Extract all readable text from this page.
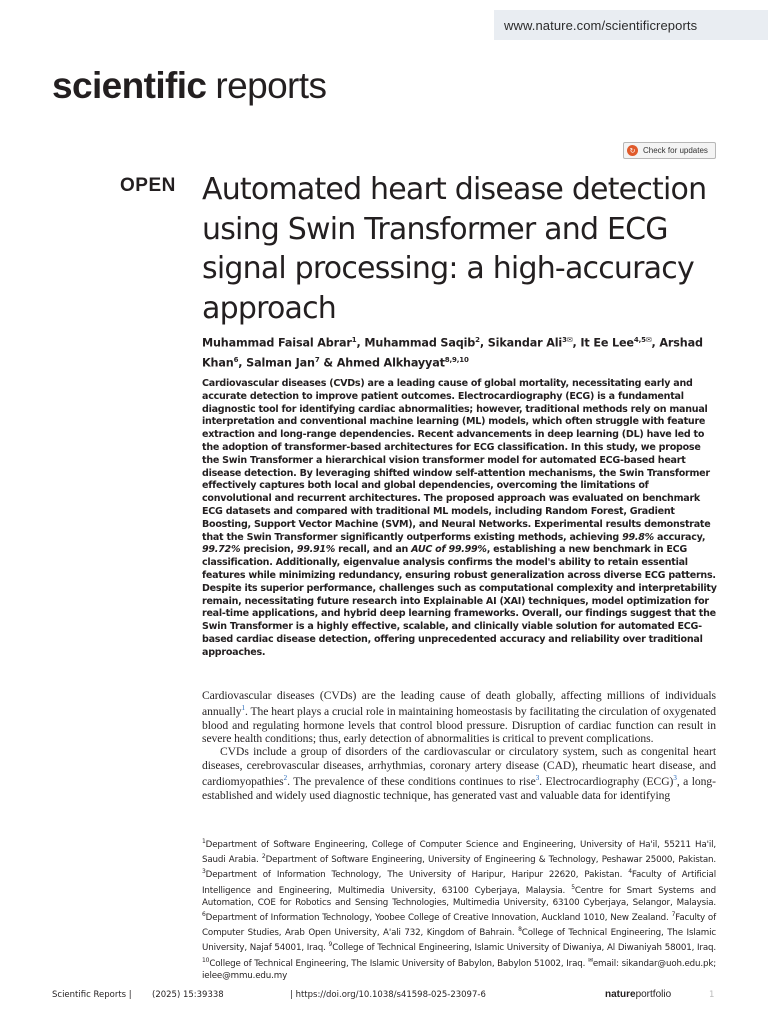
www.nature.com/scientificreports
scientific reports
↻ Check for updates
OPEN Automated heart disease detection using Swin Transformer and ECG signal processing: a high-accuracy approach
Muhammad Faisal Abrar$^1$, Muhammad Saqib$^2$, Sikandar Ali$^{3✉}$, It Ee Lee$^{4,5✉}$, Arshad Khan$^6$, Salman Jan$^7$ & Ahmed Alkhayyat$^{8,9,10}$

Cardiovascular diseases (CVDs) are a leading cause of global mortality, necessitating early and accurate detection to improve patient outcomes. Electrocardiography (ECG) is a fundamental diagnostic tool for identifying cardiac abnormalities; however, traditional methods rely on manual interpretation and conventional machine learning (ML) models, which often struggle with feature extraction and long-range dependencies. Recent advancements in deep learning (DL) have led to the adoption of transformer-based architectures for ECG classification. In this study, we propose the Swin Transformer a hierarchical vision transformer model for automated ECG-based heart disease detection. By leveraging shifted window self-attention mechanisms, the Swin Transformer effectively captures both local and global dependencies, overcoming the limitations of convolutional and recurrent architectures. The proposed approach was evaluated on benchmark ECG datasets and compared with traditional ML models, including Random Forest, Gradient Boosting, Support Vector Machine (SVM), and Neural Networks. Experimental results demonstrate that the Swin Transformer significantly outperforms existing methods, achieving 99.8% accuracy, 99.72% precision, 99.91% recall, and an AUC of 99.99%, establishing a new benchmark in ECG classification. Additionally, eigenvalue analysis confirms the model's ability to retain essential features while minimizing redundancy, ensuring robust generalization across diverse ECG patterns. Despite its superior performance, challenges such as computational complexity and interpretability remain, necessitating future research into Explainable AI (XAI) techniques, model optimization for real-time applications, and hybrid deep learning frameworks. Overall, our findings suggest that the Swin Transformer is a highly effective, scalable, and clinically viable solution for automated ECG-based cardiac disease detection, offering unprecedented accuracy and reliability over traditional approaches.

Cardiovascular diseases (CVDs) are the leading cause of death globally, affecting millions of individuals annually$^1$. The heart plays a crucial role in maintaining homeostasis by facilitating the circulation of oxygenated blood and regulating hormone levels that control blood pressure. Disruption of cardiac function can result in severe health conditions; thus, early detection of abnormalities is critical to prevent complications.

CVDs include a group of disorders of the cardiovascular or circulatory system, such as congenital heart diseases, cerebrovascular diseases, arrhythmias, coronary artery disease (CAD), rheumatic heart disease, and cardiomyopathies$^2$. The prevalence of these conditions continues to rise$^3$. Electrocardiography (ECG)$^3$, a long-established and widely used diagnostic technique, has generated vast and valuable data for identifying

$^1$Department of Software Engineering, College of Computer Science and Engineering, University of Ha'il, 55211 Ha'il, Saudi Arabia. $^2$Department of Software Engineering, University of Engineering & Technology, Peshawar 25000, Pakistan. $^3$Department of Information Technology, The University of Haripur, Haripur 22620, Pakistan. $^4$Faculty of Artificial Intelligence and Engineering, Multimedia University, 63100 Cyberjaya, Malaysia. $^5$Centre for Smart Systems and Automation, COE for Robotics and Sensing Technologies, Multimedia University, 63100 Cyberjaya, Selangor, Malaysia. $^6$Department of Information Technology, Yoobee College of Creative Innovation, Auckland 1010, New Zealand. $^7$Faculty of Computer Studies, Arab Open University, A'ali 732, Kingdom of Bahrain. $^8$College of Technical Engineering, The Islamic University, Najaf 54001, Iraq. $^9$College of Technical Engineering, Islamic University of Diwaniya, Al Diwaniyah 58001, Iraq. $^{10}$College of Technical Engineering, The Islamic University of Babylon, Babylon 51002, Iraq. ✉email: sikandar@uoh.edu.pk; ielee@mmu.edu.my

Scientific Reports | (2025) 15:39338	| https://doi.org/10.1038/s41598-025-23097-6	natureportfolio	1
